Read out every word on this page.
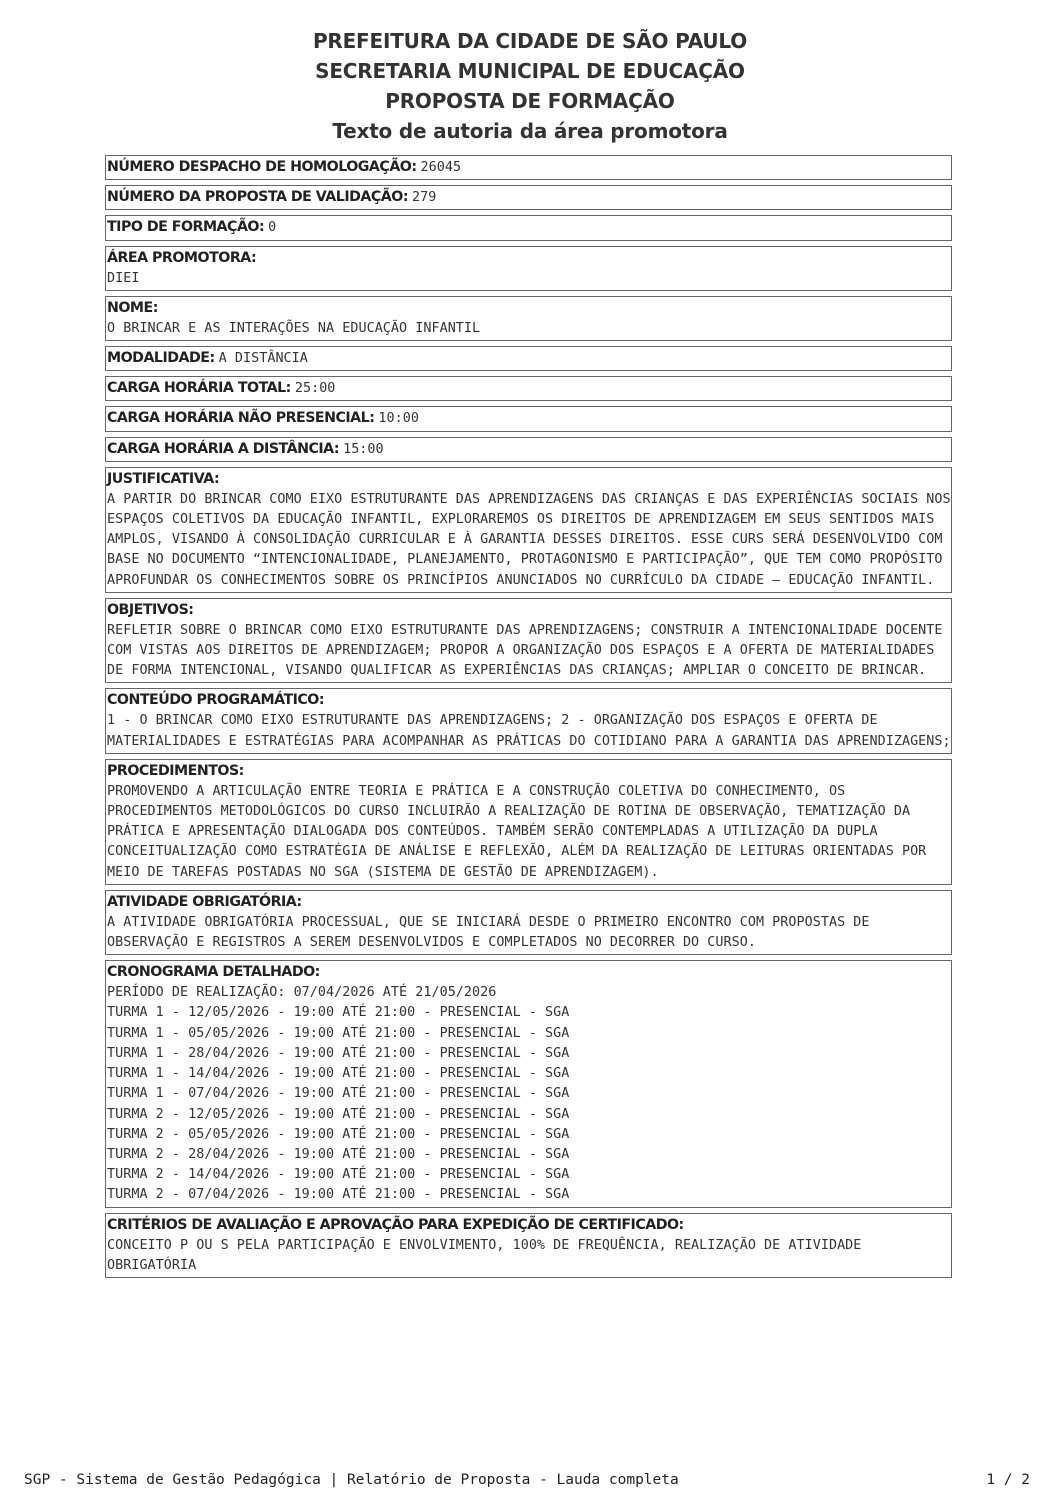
PREFEITURA DA CIDADE DE SÃO PAULO
SECRETARIA MUNICIPAL DE EDUCAÇÃO
PROPOSTA DE FORMAÇÃO
Texto de autoria da área promotora
NÚMERO DESPACHO DE HOMOLOGAÇÃO: 26045
NÚMERO DA PROPOSTA DE VALIDAÇÃO: 279
TIPO DE FORMAÇÃO: 0
ÁREA PROMOTORA:
DIEI
NOME:
O BRINCAR E AS INTERAÇÕES NA EDUCAÇÃO INFANTIL
MODALIDADE: A DISTÂNCIA
CARGA HORÁRIA TOTAL: 25:00
CARGA HORÁRIA NÃO PRESENCIAL: 10:00
CARGA HORÁRIA A DISTÂNCIA: 15:00
JUSTIFICATIVA:
A PARTIR DO BRINCAR COMO EIXO ESTRUTURANTE DAS APRENDIZAGENS DAS CRIANÇAS E DAS EXPERIÊNCIAS SOCIAIS NOS ESPAÇOS COLETIVOS DA EDUCAÇÃO INFANTIL, EXPLORAREMOS OS DIREITOS DE APRENDIZAGEM EM SEUS SENTIDOS MAIS AMPLOS, VISANDO À CONSOLIDAÇÃO CURRICULAR E À GARANTIA DESSES DIREITOS. ESSE CURS SERÁ DESENVOLVIDO COM BASE NO DOCUMENTO “INTENCIONALIDADE, PLANEJAMENTO, PROTAGONISMO E PARTICIPAÇÃO”, QUE TEM COMO PROPÓSITO APROFUNDAR OS CONHECIMENTOS SOBRE OS PRINCÍPIOS ANUNCIADOS NO CURRÍCULO DA CIDADE – EDUCAÇÃO INFANTIL.
OBJETIVOS:
REFLETIR SOBRE O BRINCAR COMO EIXO ESTRUTURANTE DAS APRENDIZAGENS; CONSTRUIR A INTENCIONALIDADE DOCENTE COM VISTAS AOS DIREITOS DE APRENDIZAGEM; PROPOR A ORGANIZAÇÃO DOS ESPAÇOS E A OFERTA DE MATERIALIDADES DE FORMA INTENCIONAL, VISANDO QUALIFICAR AS EXPERIÊNCIAS DAS CRIANÇAS; AMPLIAR O CONCEITO DE BRINCAR.
CONTEÚDO PROGRAMÁTICO:
1 - O BRINCAR COMO EIXO ESTRUTURANTE DAS APRENDIZAGENS; 2 - ORGANIZAÇÃO DOS ESPAÇOS E OFERTA DE MATERIALIDADES E ESTRATÉGIAS PARA ACOMPANHAR AS PRÁTICAS DO COTIDIANO PARA A GARANTIA DAS APRENDIZAGENS;
PROCEDIMENTOS:
PROMOVENDO A ARTICULAÇÃO ENTRE TEORIA E PRÁTICA E A CONSTRUÇÃO COLETIVA DO CONHECIMENTO, OS PROCEDIMENTOS METODOLÓGICOS DO CURSO INCLUIRÃO A REALIZAÇÃO DE ROTINA DE OBSERVAÇÃO, TEMATIZAÇÃO DA PRÁTICA E APRESENTAÇÃO DIALOGADA DOS CONTEÚDOS. TAMBÉM SERÃO CONTEMPLADAS A UTILIZAÇÃO DA DUPLA CONCEITUALIZAÇÃO COMO ESTRATÉGIA DE ANÁLISE E REFLEXÃO, ALÉM DA REALIZAÇÃO DE LEITURAS ORIENTADAS POR MEIO DE TAREFAS POSTADAS NO SGA (SISTEMA DE GESTÃO DE APRENDIZAGEM).
ATIVIDADE OBRIGATÓRIA:
A ATIVIDADE OBRIGATÓRIA PROCESSUAL, QUE SE INICIARÁ DESDE O PRIMEIRO ENCONTRO COM PROPOSTAS DE OBSERVAÇÃO E REGISTROS A SEREM DESENVOLVIDOS E COMPLETADOS NO DECORRER DO CURSO.
CRONOGRAMA DETALHADO:
PERÍODO DE REALIZAÇÃO: 07/04/2026 ATÉ 21/05/2026
TURMA 1 - 12/05/2026 - 19:00 ATÉ 21:00 - PRESENCIAL - SGA
TURMA 1 - 05/05/2026 - 19:00 ATÉ 21:00 - PRESENCIAL - SGA
TURMA 1 - 28/04/2026 - 19:00 ATÉ 21:00 - PRESENCIAL - SGA
TURMA 1 - 14/04/2026 - 19:00 ATÉ 21:00 - PRESENCIAL - SGA
TURMA 1 - 07/04/2026 - 19:00 ATÉ 21:00 - PRESENCIAL - SGA
TURMA 2 - 12/05/2026 - 19:00 ATÉ 21:00 - PRESENCIAL - SGA
TURMA 2 - 05/05/2026 - 19:00 ATÉ 21:00 - PRESENCIAL - SGA
TURMA 2 - 28/04/2026 - 19:00 ATÉ 21:00 - PRESENCIAL - SGA
TURMA 2 - 14/04/2026 - 19:00 ATÉ 21:00 - PRESENCIAL - SGA
TURMA 2 - 07/04/2026 - 19:00 ATÉ 21:00 - PRESENCIAL - SGA
CRITÉRIOS DE AVALIAÇÃO E APROVAÇÃO PARA EXPEDIÇÃO DE CERTIFICADO:
CONCEITO P OU S PELA PARTICIPAÇÃO E ENVOLVIMENTO, 100% DE FREQUÊNCIA, REALIZAÇÃO DE ATIVIDADE OBRIGATÓRIA
SGP - Sistema de Gestão Pedagógica | Relatório de Proposta - Lauda completa	1 / 2
